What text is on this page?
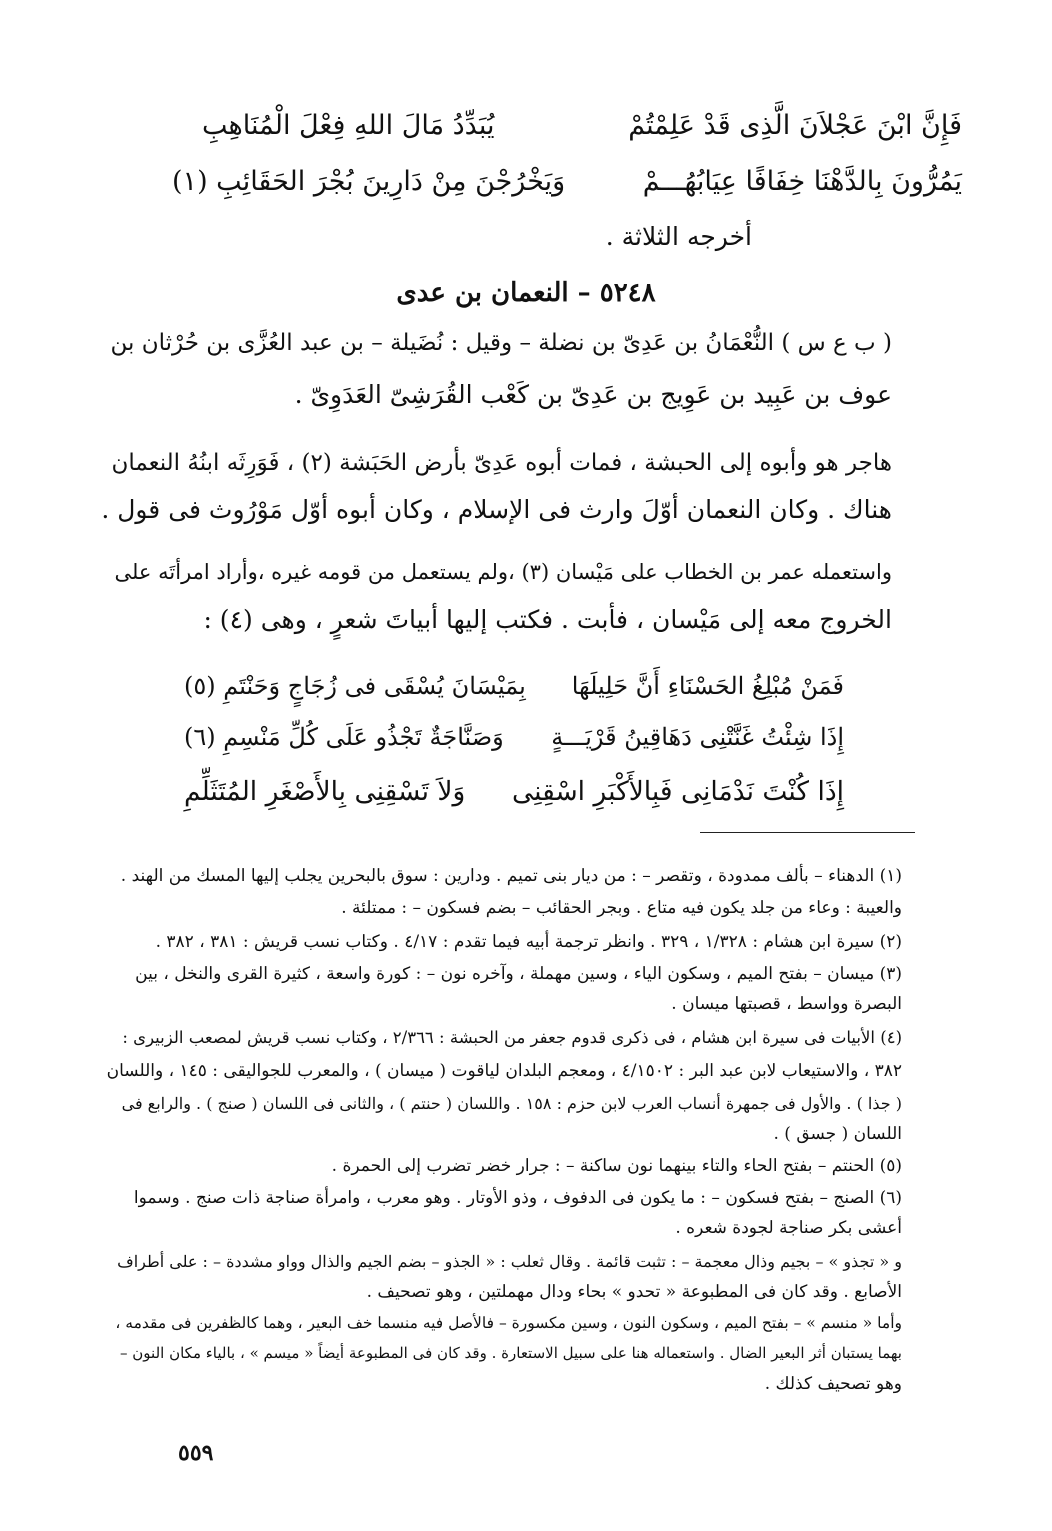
فَإِنَّ ابْنَ عَجْلاَنَ الَّذِى قَدْ عَلِمْتُمْ
يُبَدِّدُ مَالَ اللهِ فِعْلَ الْمُنَاهِبِ
يَمُرُّونَ بِالدَّهْنَا خِفَافًا عِيَابُهُـــمْ
وَيَخْرُجْنَ مِنْ دَارِينَ بُجْرَ الحَقَائِبِ (١)
أخرجه الثلاثة .
٥٢٤٨ – النعمان بن عدى
( ب ع س ) النُّعْمَانُ بن عَدِىّ بن نضلة – وقيل : نُضَيلة – بن عبد العُزَّى بن حُرْثان بن
عوف بن عَبِيد بن عَوِيج بن عَدِىّ بن كَعْب القُرَشِىّ العَدَوِىّ .
هاجر هو وأبوه إلى الحبشة ، فمات أبوه عَدِىّ بأرض الحَبَشة (٢) ، فَوَرِثَه ابنُهُ النعمان
هناك . وكان النعمان أوّلَ وارث فى الإسلام ، وكان أبوه أوّل مَوْرُوث فى قول .
واستعمله عمر بن الخطاب على مَيْسان (٣) ،ولم يستعمل من قومه غيره ،وأراد امرأتَه على
الخروج معه إلى مَيْسان ، فأبت . فكتب إليها أبياتَ شعرٍ ، وهى (٤) :
فَمَنْ مُبْلِغُ الحَسْنَاءِ أَنَّ حَلِيلَهَا
بِمَيْسَانَ يُسْقَى فى زُجَاجٍ وَحَنْتَمِ (٥)
إِذَا شِئْتُ غَنَّتْنِى دَهَاقِينُ قَرْيَـــةٍ
وَصَنَّاجَةٌ تَجْذُو عَلَى كُلِّ مَنْسِمِ (٦)
إِذَا كُنْتَ نَدْمَانِى فَبِالأَكْبَرِ اسْقِنِى
وَلاَ تَسْقِنِى بِالأَصْغَرِ المُتَثَلِّمِ
(١) الدهناء – بألف ممدودة ، وتقصر – : من ديار بنى تميم . ودارين : سوق بالبحرين يجلب إليها المسك من الهند .
والعيبة : وعاء من جلد يكون فيه متاع . وبجر الحقائب – بضم فسكون – : ممتلئة .
(٢) سيرة ابن هشام : ١/٣٢٨ ، ٣٢٩ . وانظر ترجمة أبيه فيما تقدم : ٤/١٧ . وكتاب نسب قريش : ٣٨١ ، ٣٨٢ .
(٣) ميسان – بفتح الميم ، وسكون الياء ، وسين مهملة ، وآخره نون – : كورة واسعة ، كثيرة القرى والنخل ، بين
البصرة وواسط ، قصبتها ميسان .
(٤) الأبيات فى سيرة ابن هشام ، فى ذكرى قدوم جعفر من الحبشة : ٢/٣٦٦ ، وكتاب نسب قريش لمصعب الزبيرى :
٣٨٢ ، والاستيعاب لابن عبد البر : ٤/١٥٠٢ ، ومعجم البلدان لياقوت ( ميسان ) ، والمعرب للجواليقى : ١٤٥ ، واللسان
( جذا ) . والأول فى جمهرة أنساب العرب لابن حزم : ١٥٨ . واللسان ( حنتم ) ، والثانى فى اللسان ( صنج ) . والرابع فى
اللسان ( جسق ) .
(٥) الحنتم – بفتح الحاء والتاء بينهما نون ساكنة – : جرار خضر تضرب إلى الحمرة .
(٦) الصنج – بفتح فسكون – : ما يكون فى الدفوف ، وذو الأوتار . وهو معرب ، وامرأة صناجة ذات صنج . وسموا
أعشى بكر صناجة لجودة شعره .
و « تجذو » – بجيم وذال معجمة – : تثبت قائمة . وقال ثعلب : « الجذو – بضم الجيم والذال وواو مشددة – : على أطراف
الأصابع . وقد كان فى المطبوعة « تحدو » بحاء ودال مهملتين ، وهو تصحيف .
وأما « منسم » – بفتح الميم ، وسكون النون ، وسين مكسورة – فالأصل فيه منسما خف البعير ، وهما كالظفرين فى مقدمه ،
بهما يستبان أثر البعير الضال . واستعماله هنا على سبيل الاستعارة . وقد كان فى المطبوعة أيضاً « ميسم » ، بالياء مكان النون –
وهو تصحيف كذلك .
٥٥٩
